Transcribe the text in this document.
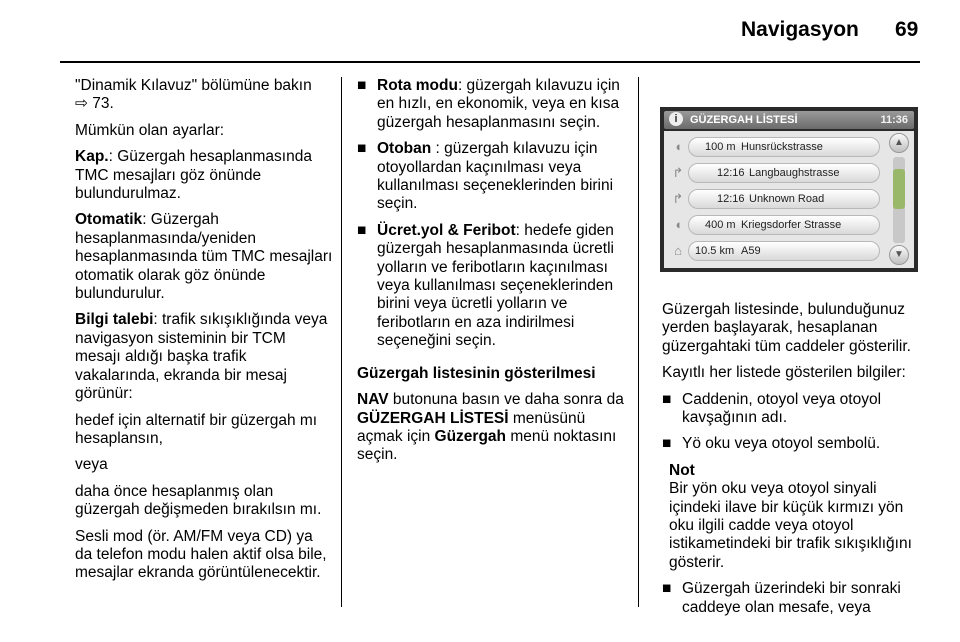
Navigasyon 69

"Dinamik Kılavuz" bölümüne bakın
⇨ 73.

Mümkün olan ayarlar:

Kap.: Güzergah hesaplanmasında TMC mesajları göz önünde bulundurulmaz.

Otomatik: Güzergah hesaplanmasında/yeniden hesaplanmasında tüm TMC mesajları otomatik olarak göz önünde bulundurulur.

Bilgi talebi: trafik sıkışıklığında veya navigasyon sisteminin bir TCM mesajı aldığı başka trafik vakalarında, ekranda bir mesaj görünür:

hedef için alternatif bir güzergah mı hesaplansın,

veya

daha önce hesaplanmış olan güzergah değişmeden bırakılsın mı.

Sesli mod (ör. AM/FM veya CD) ya da telefon modu halen aktif olsa bile, mesajlar ekranda görüntülenecektir.

■ Rota modu: güzergah kılavuzu için en hızlı, en ekonomik, veya en kısa güzergah hesaplanmasını seçin.
■ Otoban : güzergah kılavuzu için otoyollardan kaçınılması veya kullanılması seçeneklerinden birini seçin.
■ Ücret.yol & Feribot: hedefe giden güzergah hesaplanmasında ücretli yolların ve feribotların kaçınılması veya kullanılması seçeneklerinden birini veya ücretli yolların ve feribotların en aza indirilmesi seçeneğini seçin.

Güzergah listesinin gösterilmesi

NAV butonuna basın ve daha sonra da GÜZERGAH LİSTESİ menüsünü açmak için Güzergah menü noktasını seçin.

i	GÜZERGAH LİSTESİ	11:36
◖	100 m Hunsrückstrasse
↱	12:16 Langbaughstrasse
↱	12:16 Unknown Road
◖	400 m Kriegsdorfer Strasse
⌂	10.5 km A59
▲
▼

Güzergah listesinde, bulunduğunuz yerden başlayarak, hesaplanan güzergahtaki tüm caddeler gösterilir.

Kayıtlı her listede gösterilen bilgiler:

■ Caddenin, otoyol veya otoyol kavşağının adı.
■ Yö oku veya otoyol sembolü.
Not
Bir yön oku veya otoyol sinyali içindeki ilave bir küçük kırmızı yön oku ilgili cadde veya otoyol istikametindeki bir trafik sıkışıklığını gösterir.
■ Güzergah üzerindeki bir sonraki caddeye olan mesafe, veya
